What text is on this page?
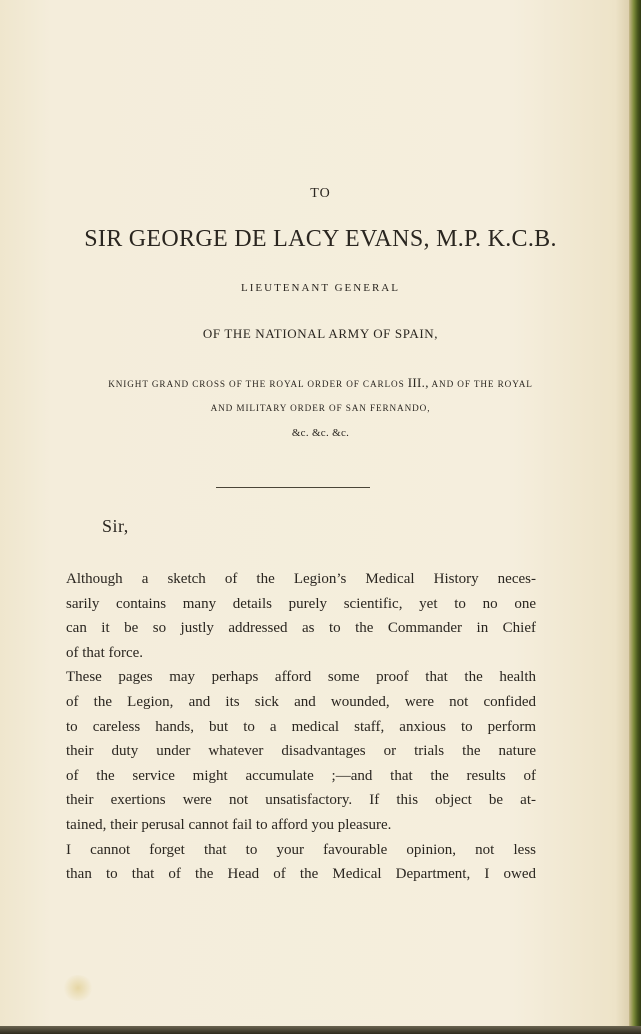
TO
SIR GEORGE DE LACY EVANS, M.P. K.C.B.
LIEUTENANT GENERAL
OF THE NATIONAL ARMY OF SPAIN,
KNIGHT GRAND CROSS OF THE ROYAL ORDER OF CARLOS III., AND OF THE ROYAL
AND MILITARY ORDER OF SAN FERNANDO,
&c. &c. &c.
Sir,
Although a sketch of the Legion’s Medical History neces-
sarily contains many details purely scientific, yet to no one
can it be so justly addressed as to the Commander in Chief
of that force.
These pages may perhaps afford some proof that the health
of the Legion, and its sick and wounded, were not confided
to careless hands, but to a medical staff, anxious to perform
their duty under whatever disadvantages or trials the nature
of the service might accumulate ;—and that the results of
their exertions were not unsatisfactory. If this object be at-
tained, their perusal cannot fail to afford you pleasure.
I cannot forget that to your favourable opinion, not less
than to that of the Head of the Medical Department, I owed
